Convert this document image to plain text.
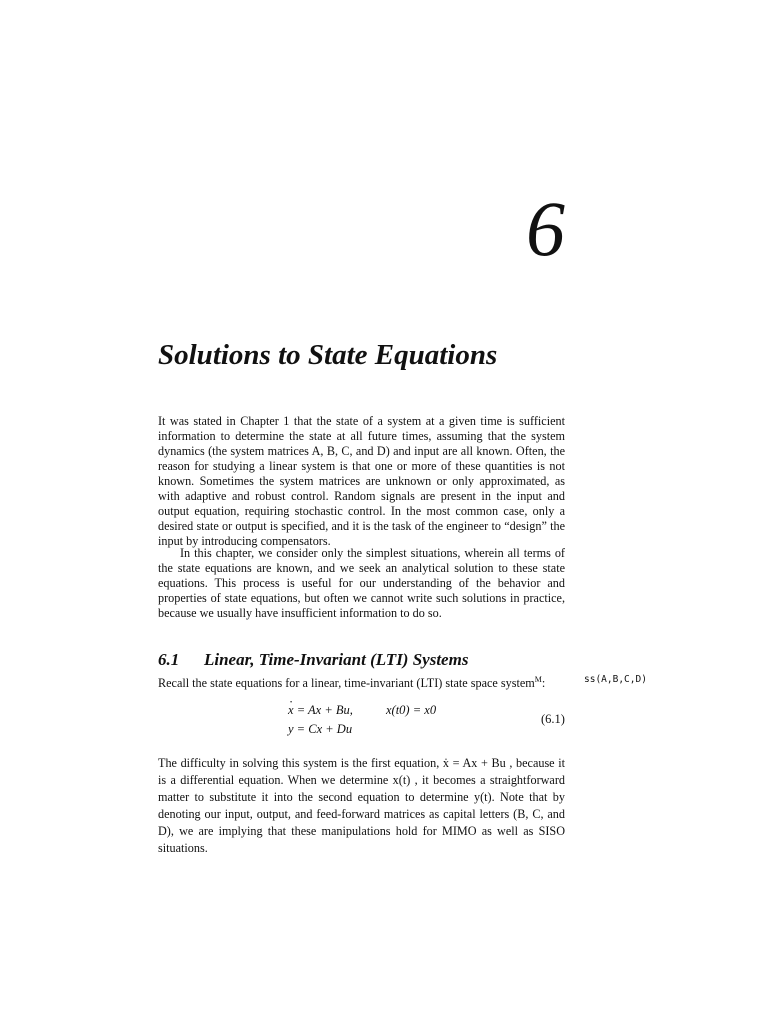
6
Solutions to State Equations

It was stated in Chapter 1 that the state of a system at a given time is sufficient information to determine the state at all future times, assuming that the system dynamics (the system matrices A, B, C, and D) and input are all known. Often, the reason for studying a linear system is that one or more of these quantities is not known. Sometimes the system matrices are unknown or only approximated, as with adaptive and robust control. Random signals are present in the input and output equation, requiring stochastic control. In the most common case, only a desired state or output is specified, and it is the task of the engineer to “design” the input by introducing compensators.

In this chapter, we consider only the simplest situations, wherein all terms of the state equations are known, and we seek an analytical solution to these state equations. This process is useful for our understanding of the behavior and properties of state equations, but often we cannot write such solutions in practice, because we usually have insufficient information to do so.

6.1 Linear, Time-Invariant (LTI) Systems
Recall the state equations for a linear, time-invariant (LTI) state space system$^M$:	ss(A,B,C,D)
· x = Ax + Bu,	x(t0) = x0
y = Cx + Du
(6.1)

The difficulty in solving this system is the first equation, ẋ = Ax + Bu , because it is a differential equation. When we determine x(t) , it becomes a straightforward matter to substitute it into the second equation to determine y(t). Note that by denoting our input, output, and feed-forward matrices as capital letters (B, C, and D), we are implying that these manipulations hold for MIMO as well as SISO situations.
